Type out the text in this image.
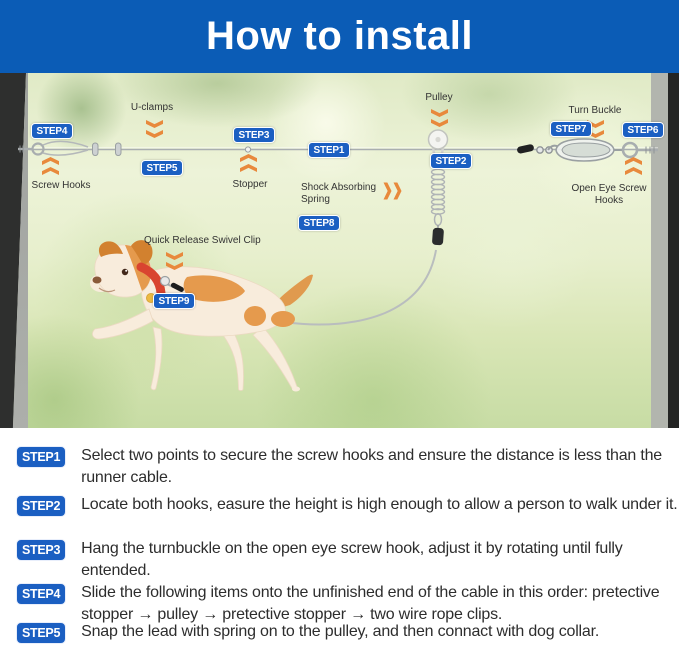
How to install
U-clamps
Screw Hooks	Stopper
Pulley
Shock Absorbing Spring
Turn Buckle
Open Eye Screw Hooks
Quick Release Swivel Clip
STEP4
STEP5
STEP3
STEP1
STEP2
STEP8
STEP7	STEP6
STEP9
STEP1	Select two points to secure the screw hooks and ensure the distance is less than the runner cable.

STEP2	Locate both hooks, easure the height is high enough to allow a person to walk under it.

STEP3	Hang the turnbuckle on the open eye screw hook, adjust it by rotating until fully entended.

STEP4	Slide the following items onto the unfinished end of the cable in this order: pretective stopper → pulley → pretective stopper → two wire rope clips.

STEP5	Snap the lead with spring on to the pulley, and then connact with dog collar.
